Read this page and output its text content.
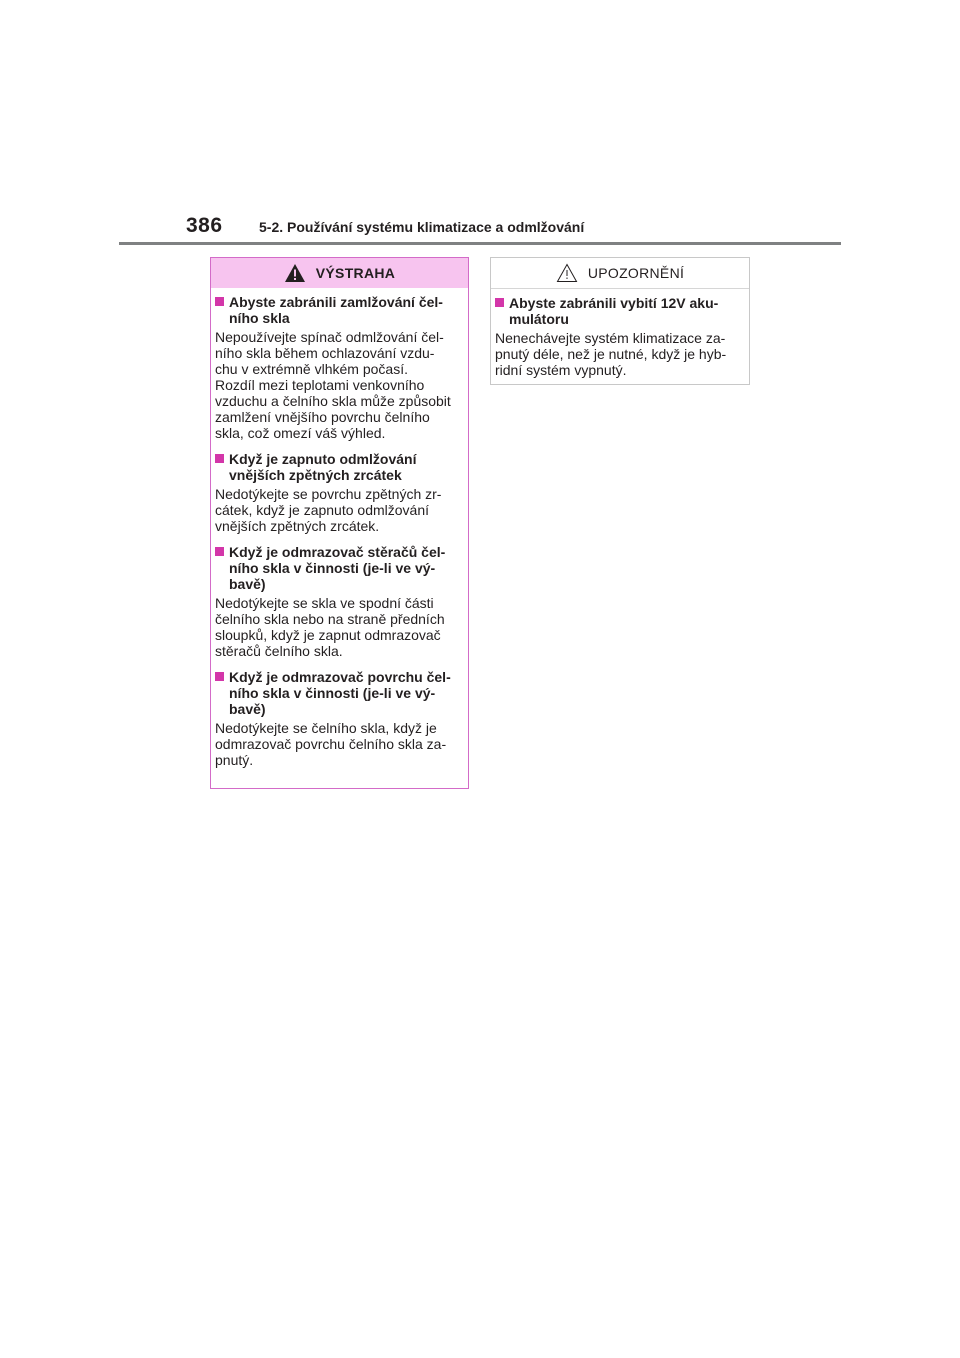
386	5-2. Používání systému klimatizace a odmlžování
VÝSTRAHA
Abyste zabránili zamlžování čel-
ního skla
Nepoužívejte spínač odmlžování čel-
ního skla během ochlazování vzdu-
chu v extrémně vlhkém počasí.
Rozdíl mezi teplotami venkovního
vzduchu a čelního skla může způsobit
zamlžení vnějšího povrchu čelního
skla, což omezí váš výhled.
Když je zapnuto odmlžování
vnějších zpětných zrcátek
Nedotýkejte se povrchu zpětných zr-
cátek, když je zapnuto odmlžování
vnějších zpětných zrcátek.
Když je odmrazovač stěračů čel-
ního skla v činnosti (je-li ve vý-
bavě)
Nedotýkejte se skla ve spodní části
čelního skla nebo na straně předních
sloupků, když je zapnut odmrazovač
stěračů čelního skla.
Když je odmrazovač povrchu čel-
ního skla v činnosti (je-li ve vý-
bavě)
Nedotýkejte se čelního skla, když je
odmrazovač povrchu čelního skla za-
pnutý.
UPOZORNĚNÍ
Abyste zabránili vybití 12V aku-
mulátoru
Nenechávejte systém klimatizace za-
pnutý déle, než je nutné, když je hyb-
ridní systém vypnutý.
